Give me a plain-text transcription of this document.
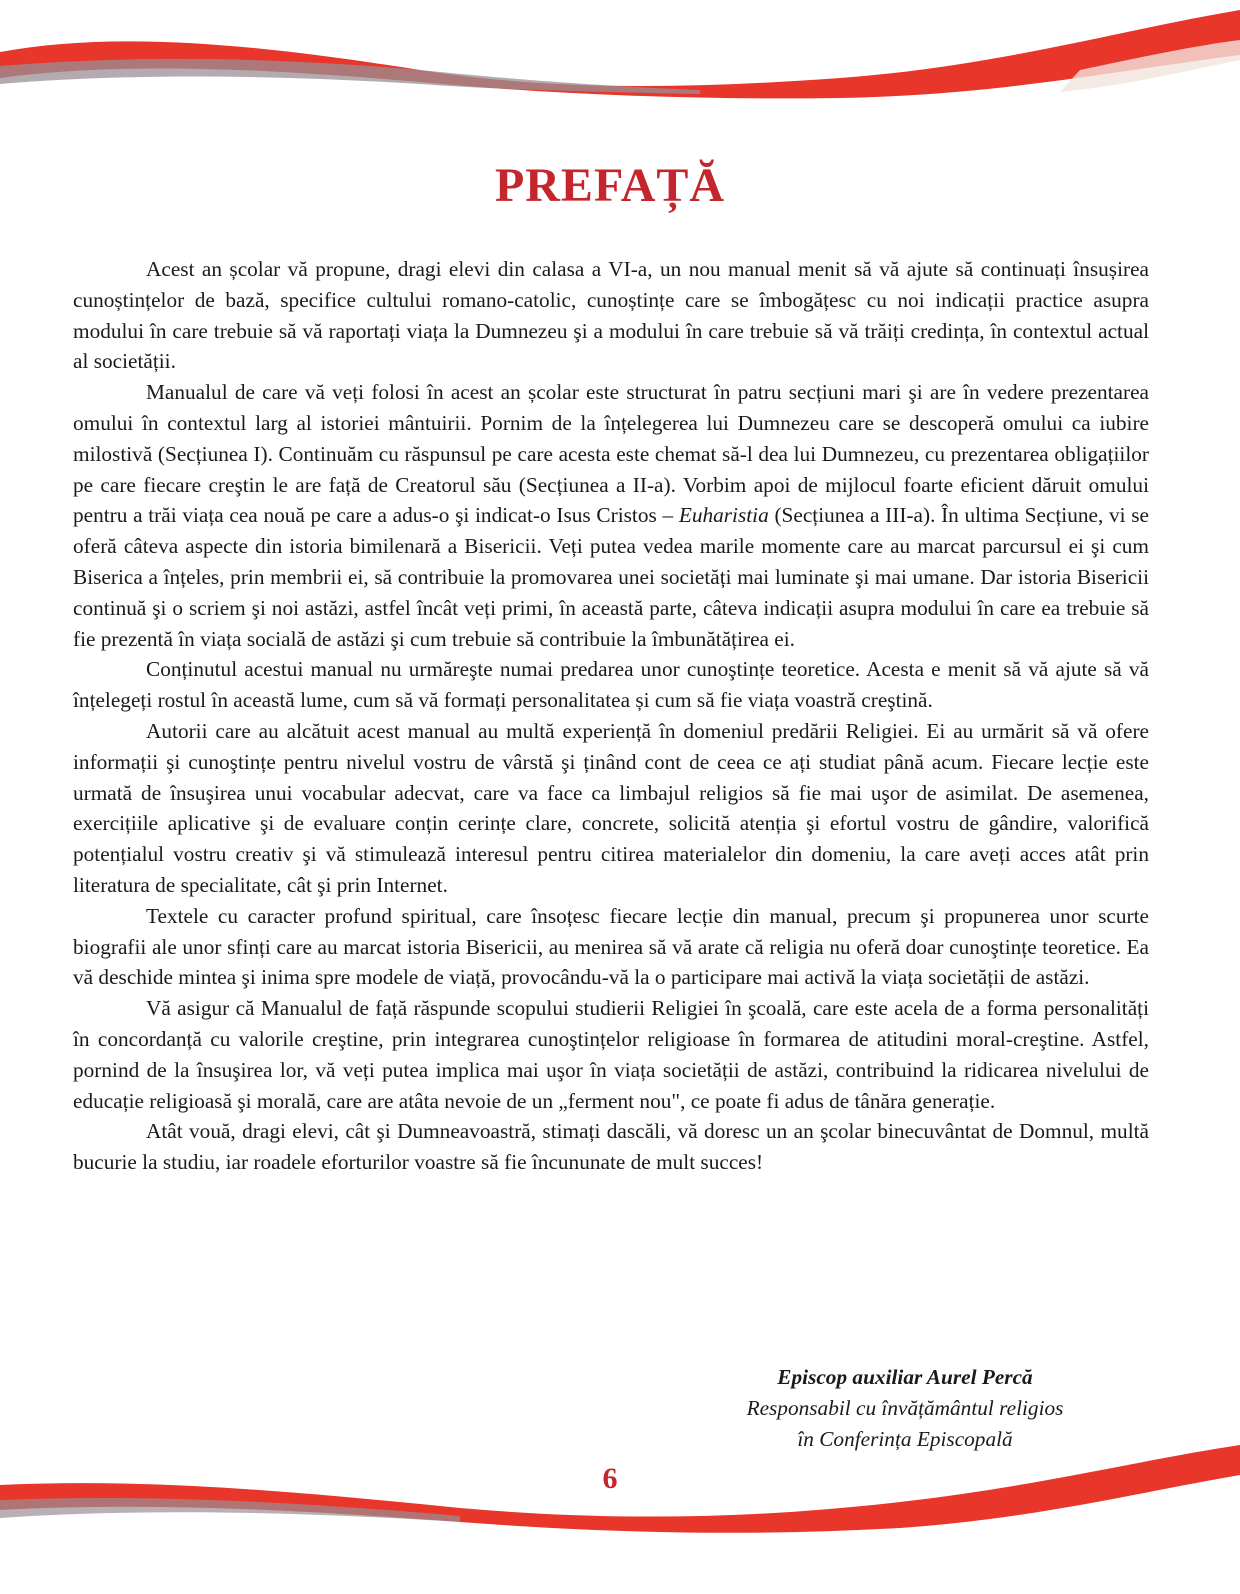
PREFAȚĂ

Acest an școlar vă propune, dragi elevi din calasa a VI-a, un nou manual menit să vă ajute să continuați însușirea cunoștințelor de bază, specifice cultului romano-catolic, cunoștințe care se îmbogățesc cu noi indicații practice asupra modului în care trebuie să vă raportați viața la Dumnezeu şi a modului în care trebuie să vă trăiți credința, în contextul actual al societății.

Manualul de care vă veți folosi în acest an școlar este structurat în patru secțiuni mari şi are în vedere prezentarea omului în contextul larg al istoriei mântuirii. Pornim de la înțelegerea lui Dumnezeu care se descoperă omului ca iubire milostivă (Secțiunea I). Continuăm cu răspunsul pe care acesta este chemat să-l dea lui Dumnezeu, cu prezentarea obligațiilor pe care fiecare creştin le are față de Creatorul său (Secțiunea a II-a). Vorbim apoi de mijlocul foarte eficient dăruit omului pentru a trăi viața cea nouă pe care a adus-o şi indicat-o Isus Cristos – Euharistia (Secțiunea a III-a). În ultima Secțiune, vi se oferă câteva aspecte din istoria bimilenară a Bisericii. Veți putea vedea marile momente care au marcat parcursul ei şi cum Biserica a înțeles, prin membrii ei, să contribuie la promovarea unei societăți mai luminate şi mai umane. Dar istoria Bisericii continuă şi o scriem şi noi astăzi, astfel încât veți primi, în această parte, câteva indicații asupra modului în care ea trebuie să fie prezentă în viața socială de astăzi şi cum trebuie să contribuie la îmbunătățirea ei.

Conținutul acestui manual nu urmăreşte numai predarea unor cunoştințe teoretice. Acesta e menit să vă ajute să vă înțelegeți rostul în această lume, cum să vă formați personalitatea și cum să fie viața voastră creştină.

Autorii care au alcătuit acest manual au multă experiență în domeniul predării Religiei. Ei au urmărit să vă ofere informații şi cunoştințe pentru nivelul vostru de vârstă şi ținând cont de ceea ce ați studiat până acum. Fiecare lecție este urmată de însuşirea unui vocabular adecvat, care va face ca limbajul religios să fie mai uşor de asimilat. De asemenea, exercițiile aplicative şi de evaluare conțin cerințe clare, concrete, solicită atenția şi efortul vostru de gândire, valorifică potențialul vostru creativ şi vă stimulează interesul pentru citirea materialelor din domeniu, la care aveți acces atât prin literatura de specialitate, cât şi prin Internet.

Textele cu caracter profund spiritual, care însoțesc fiecare lecție din manual, precum şi propunerea unor scurte biografii ale unor sfinți care au marcat istoria Bisericii, au menirea să vă arate că religia nu oferă doar cunoştințe teoretice. Ea vă deschide mintea şi inima spre modele de viață, provocându-vă la o participare mai activă la viața societății de astăzi.

Vă asigur că Manualul de față răspunde scopului studierii Religiei în şcoală, care este acela de a forma personalități în concordanță cu valorile creştine, prin integrarea cunoştințelor religioase în formarea de atitudini moral-creştine. Astfel, pornind de la însuşirea lor, vă veți putea implica mai uşor în viața societății de astăzi, contribuind la ridicarea nivelului de educație religioasă şi morală, care are atâta nevoie de un „ferment nou", ce poate fi adus de tânăra generație.

Atât vouă, dragi elevi, cât şi Dumneavoastră, stimați dascăli, vă doresc un an şcolar binecuvântat de Domnul, multă bucurie la studiu, iar roadele eforturilor voastre să fie încununate de mult succes!

Episcop auxiliar Aurel Percă
Responsabil cu învățământul religios
în Conferința Episcopală
6
